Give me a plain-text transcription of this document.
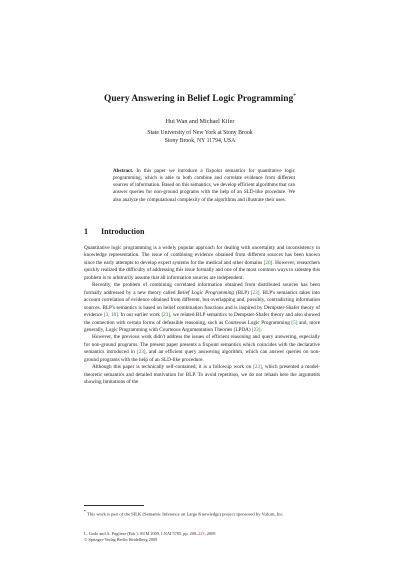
Query Answering in Belief Logic Programming*
Hui Wan and Michael Kifer
State University of New York at Stony Brook
Stony Brook, NY 11794, USA
Abstract. In this paper we introduce a fixpoint semantics for quantitative logic programming, which is able to both combine and correlate evidence from different sources of information. Based on this semantics, we develop efficient algorithms that can answer queries for non-ground programs with the help of an SLD-like procedure. We also analyze the computational complexity of the algorithms and illustrate their uses.
1 Introduction

Quantitative logic programming is a widely popular approach for dealing with uncertainty and inconsistency in knowledge representation. The issue of combining evidence obtained from different sources has been known since the early attempts to develop expert systems for the medical and other domains [20]. However, researchers quickly realized the difficulty of addressing this issue formally and one of the most common ways to sidestep this problem is to arbitrarily assume that all information sources are independent.

Recently, the problem of combining correlated information obtained from distributed sources has been formally addressed by a new theory called Belief Logic Programming (BLP) [23]. BLP's semantics takes into account correlation of evidence obtained from different, but overlapping and, possibly, contradicting information sources. BLP's semantics is based on belief combination functions and is inspired by Dempster-Shafer theory of evidence [3, 18]. In our earlier work [23], we related BLP semantics to Dempster-Shafer theory and also showed the connection with certain forms of defeasible reasoning, such as Courteous Logic Programming [5] and, more generally, Logic Programming with Courteous Argumentation Theories (LPDA) [22].

However, the previous work didn't address the issues of efficient reasoning and query answering, especially for non-ground programs. The present paper presents a fixpoint semantics which coincides with the declarative semantics introduced in [23], and an efficient query answering algorithm, which can answer queries on non-ground programs with the help of an SLD-like procedure.

Although this paper is technically self-contained, it is a followup work on [23], which presented a model-theoretic semantics and detailed motivation for BLP. To avoid repetition, we do not rehash here the arguments showing limitations of the

* This work is part of the SILK (Semantic Inference on Large Knowledge) project sponsored by Vulcan, Inc.
L. Godo and A. Pugliese (Eds.): SUM 2009, LNAI 5785, pp. 208–221, 2009.
© Springer-Verlag Berlin Heidelberg 2009
